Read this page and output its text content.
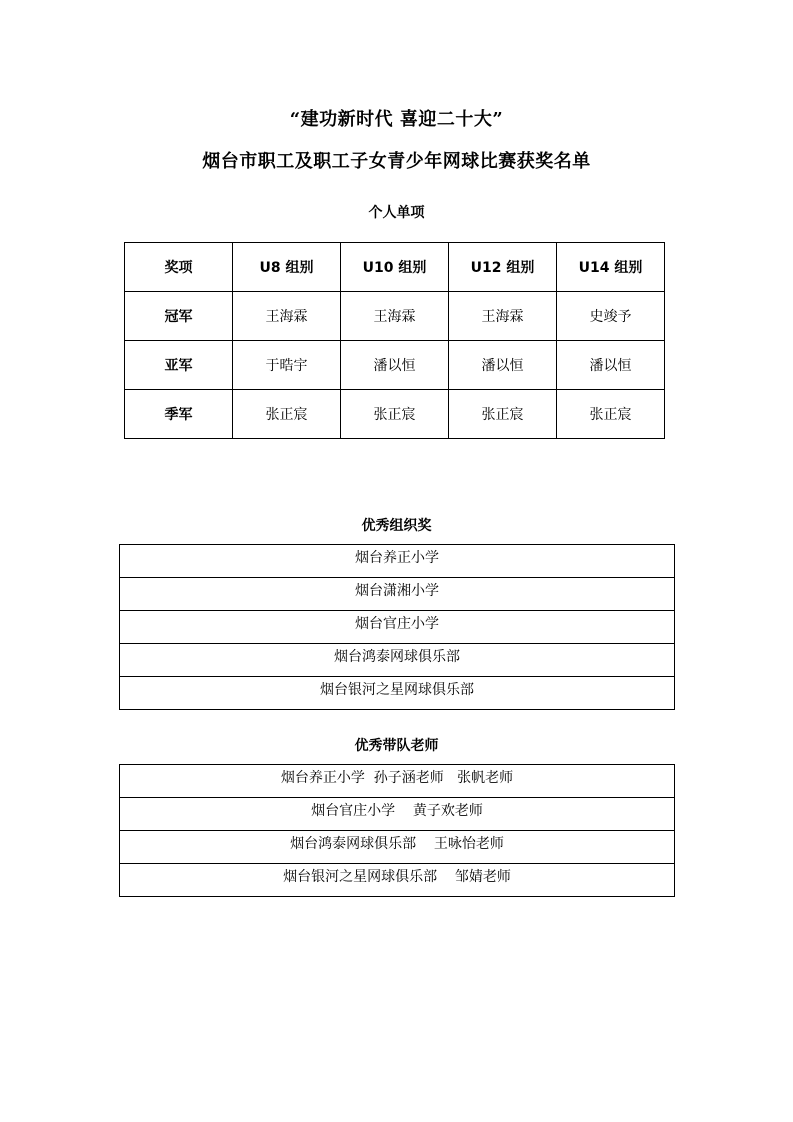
“建功新时代 喜迎二十大”
烟台市职工及职工子女青少年网球比赛获奖名单
个人单项
奖项	U8 组别	U10 组别	U12 组别	U14 组别
冠军	王海霖	王海霖	王海霖	史竣予
亚军	于晧宇	潘以恒	潘以恒	潘以恒
季军	张正宸	张正宸	张正宸	张正宸
优秀组织奖
烟台养正小学
烟台潇湘小学
烟台官庄小学
烟台鸿泰网球俱乐部
烟台银河之星网球俱乐部
优秀带队老师
烟台养正小学  孙子涵老师   张帆老师
烟台官庄小学    黄子欢老师
烟台鸿泰网球俱乐部    王咏怡老师
烟台银河之星网球俱乐部    邹婧老师
